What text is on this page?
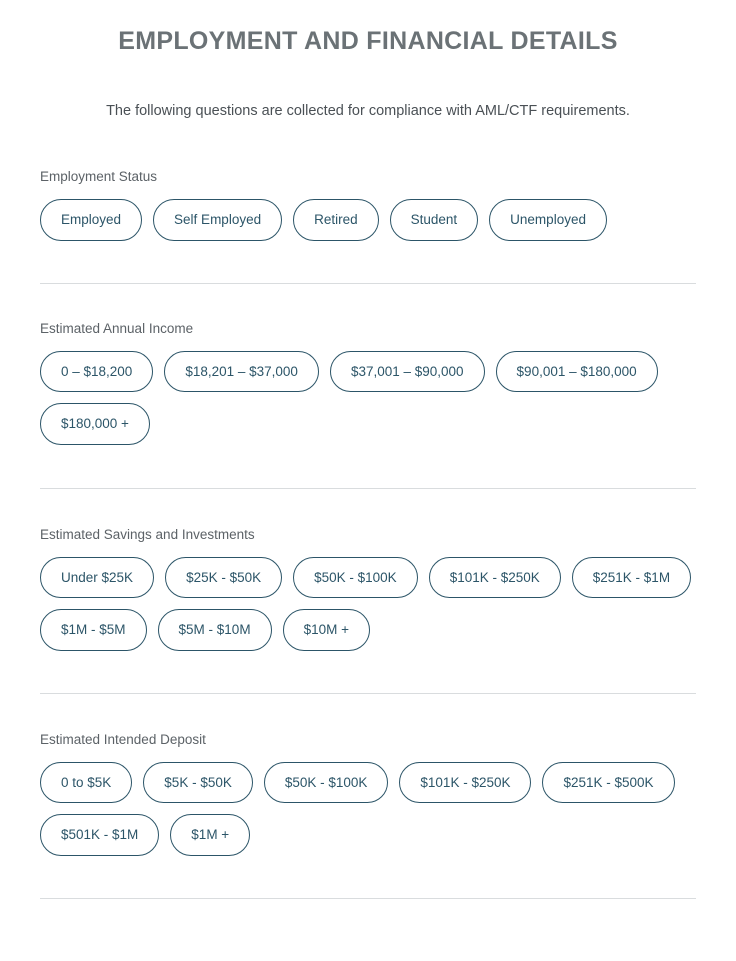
EMPLOYMENT AND FINANCIAL DETAILS

The following questions are collected for compliance with AML/CTF requirements.

Employment Status
Employed	Self Employed	Retired	Student	Unemployed
Estimated Annual Income
0 – $18,200	$18,201 – $37,000	$37,001 – $90,000	$90,001 – $180,000
$180,000 +
Estimated Savings and Investments
Under $25K	$25K - $50K	$50K - $100K	$101K - $250K	$251K - $1M
$1M - $5M	$5M - $10M	$10M +
Estimated Intended Deposit
0 to $5K	$5K - $50K	$50K - $100K	$101K - $250K	$251K - $500K
$501K - $1M	$1M +
